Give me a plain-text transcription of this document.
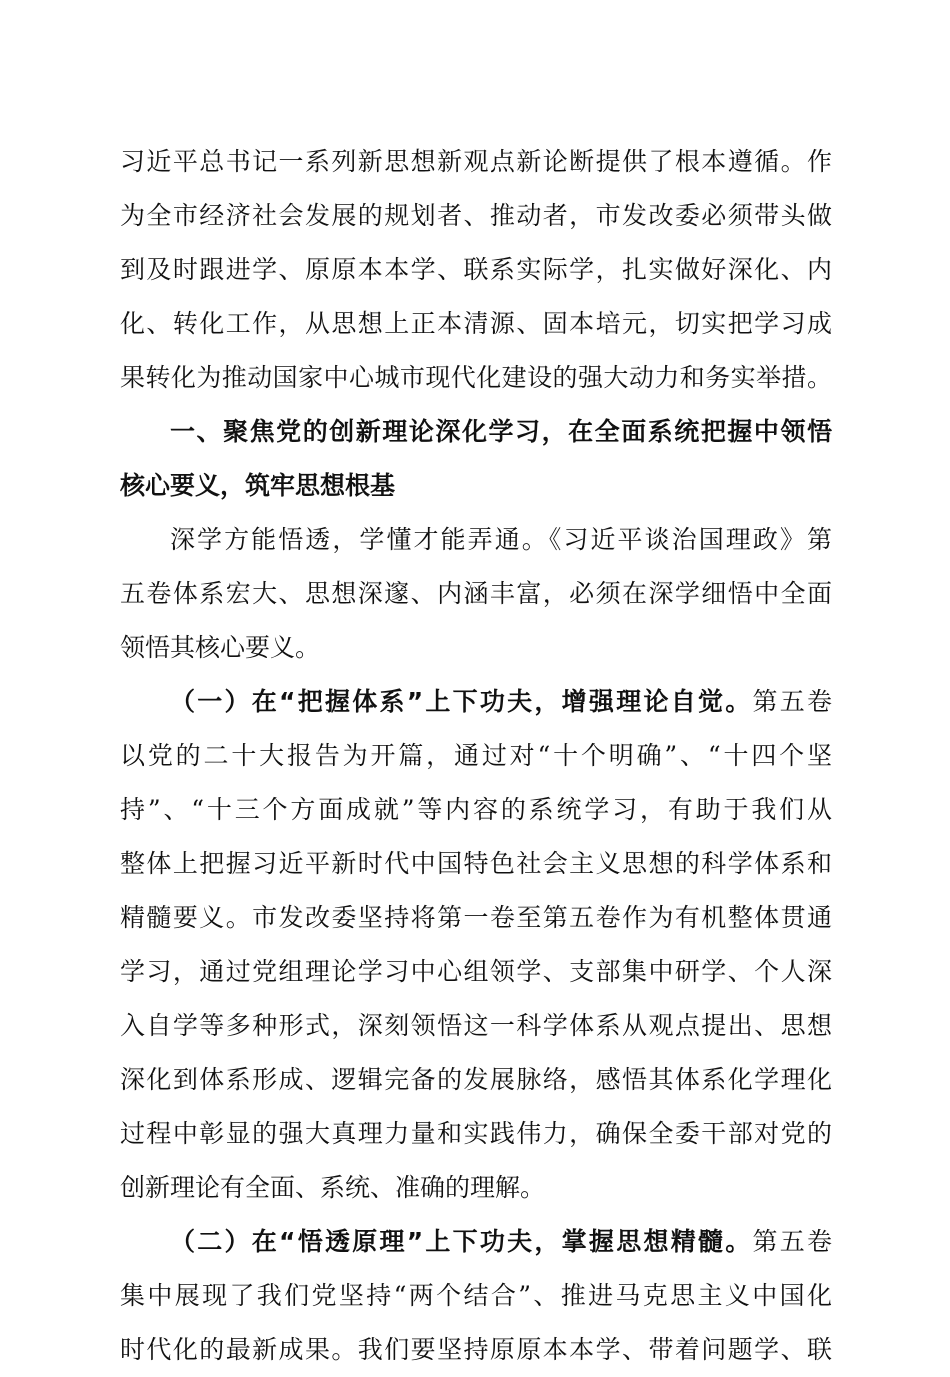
习近平总书记一系列新思想新观点新论断提供了根本遵循。作
为全市经济社会发展的规划者、推动者，市发改委必须带头做
到及时跟进学、原原本本学、联系实际学，扎实做好深化、内
化、转化工作，从思想上正本清源、固本培元，切实把学习成
果转化为推动国家中心城市现代化建设的强大动力和务实举措。
一、聚焦党的创新理论深化学习，在全面系统把握中领悟
核心要义，筑牢思想根基
深学方能悟透，学懂才能弄通。《习近平谈治国理政》第
五卷体系宏大、思想深邃、内涵丰富，必须在深学细悟中全面
领悟其核心要义。
（一）在“把握体系”上下功夫，增强理论自觉。第五卷
以党的二十大报告为开篇，通过对“十个明确”、“十四个坚
持”、“十三个方面成就”等内容的系统学习，有助于我们从
整体上把握习近平新时代中国特色社会主义思想的科学体系和
精髓要义。市发改委坚持将第一卷至第五卷作为有机整体贯通
学习，通过党组理论学习中心组领学、支部集中研学、个人深
入自学等多种形式，深刻领悟这一科学体系从观点提出、思想
深化到体系形成、逻辑完备的发展脉络，感悟其体系化学理化
过程中彰显的强大真理力量和实践伟力，确保全委干部对党的
创新理论有全面、系统、准确的理解。
（二）在“悟透原理”上下功夫，掌握思想精髓。第五卷
集中展现了我们党坚持“两个结合”、推进马克思主义中国化
时代化的最新成果。我们要坚持原原本本学、带着问题学、联
